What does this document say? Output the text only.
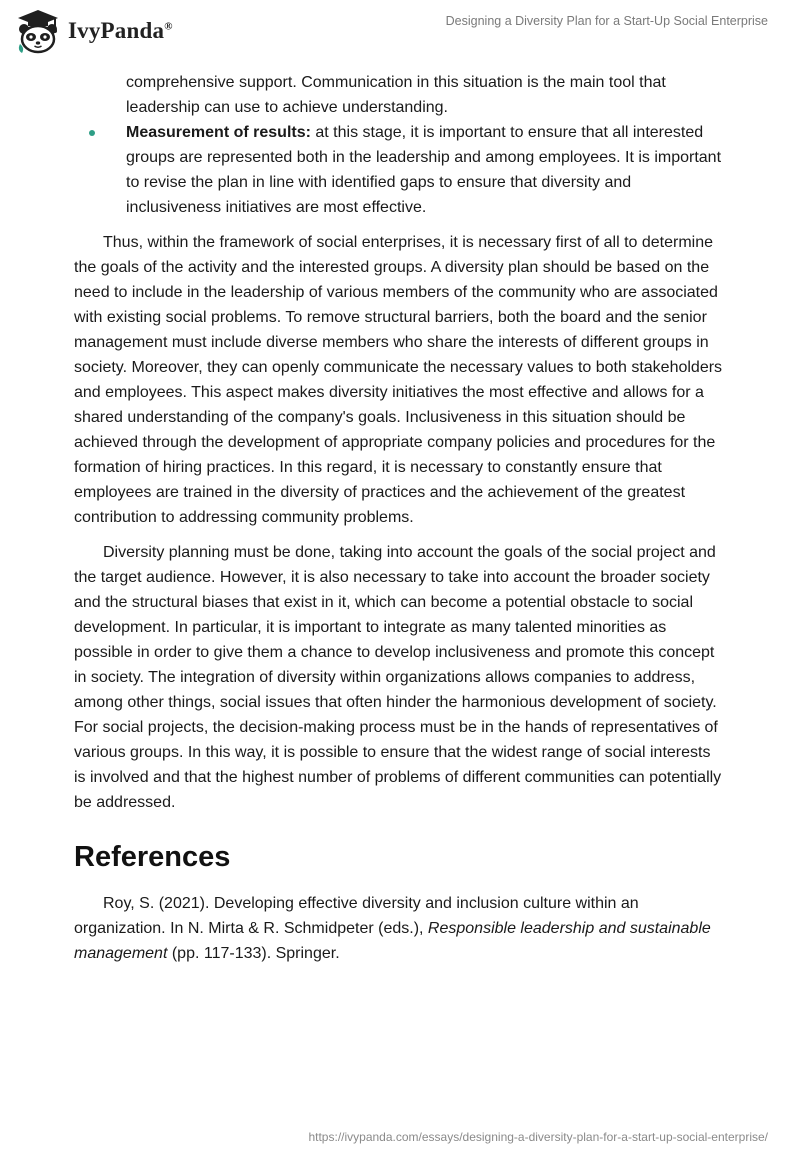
IvyPanda®	Designing a Diversity Plan for a Start-Up Social Enterprise
comprehensive support. Communication in this situation is the main tool that leadership can use to achieve understanding.
Measurement of results: at this stage, it is important to ensure that all interested groups are represented both in the leadership and among employees. It is important to revise the plan in line with identified gaps to ensure that diversity and inclusiveness initiatives are most effective.

Thus, within the framework of social enterprises, it is necessary first of all to determine the goals of the activity and the interested groups. A diversity plan should be based on the need to include in the leadership of various members of the community who are associated with existing social problems. To remove structural barriers, both the board and the senior management must include diverse members who share the interests of different groups in society. Moreover, they can openly communicate the necessary values to both stakeholders and employees. This aspect makes diversity initiatives the most effective and allows for a shared understanding of the company's goals. Inclusiveness in this situation should be achieved through the development of appropriate company policies and procedures for the formation of hiring practices. In this regard, it is necessary to constantly ensure that employees are trained in the diversity of practices and the achievement of the greatest contribution to addressing community problems.

Diversity planning must be done, taking into account the goals of the social project and the target audience. However, it is also necessary to take into account the broader society and the structural biases that exist in it, which can become a potential obstacle to social development. In particular, it is important to integrate as many talented minorities as possible in order to give them a chance to develop inclusiveness and promote this concept in society. The integration of diversity within organizations allows companies to address, among other things, social issues that often hinder the harmonious development of society. For social projects, the decision-making process must be in the hands of representatives of various groups. In this way, it is possible to ensure that the widest range of social interests is involved and that the highest number of problems of different communities can potentially be addressed.

References

Roy, S. (2021). Developing effective diversity and inclusion culture within an organization. In N. Mirta & R. Schmidpeter (eds.), Responsible leadership and sustainable management (pp. 117-133). Springer.

https://ivypanda.com/essays/designing-a-diversity-plan-for-a-start-up-social-enterprise/
